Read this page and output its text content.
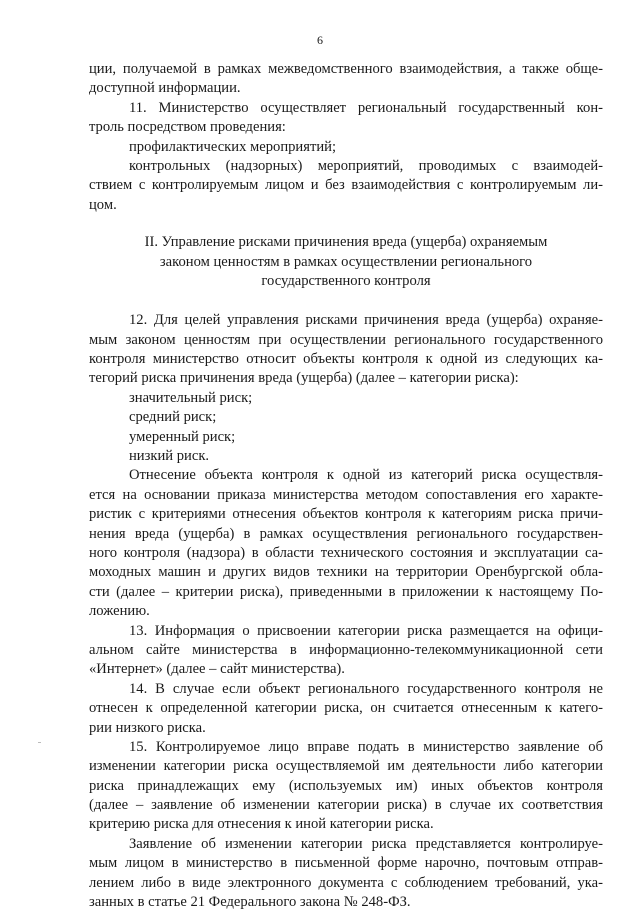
6
ции, получаемой в рамках межведомственного взаимодействия, а также обще-
доступной информации.
11. Министерство осуществляет региональный государственный кон-
троль посредством проведения:
профилактических мероприятий;
контрольных (надзорных) мероприятий, проводимых с взаимодей-
ствием с контролируемым лицом и без взаимодействия с контролируемым ли-
цом.
II. Управление рисками причинения вреда (ущерба) охраняемым
законом ценностям в рамках осуществлении регионального
государственного контроля
12. Для целей управления рисками причинения вреда (ущерба) охраняе-
мым законом ценностям при осуществлении регионального государственного
контроля министерство относит объекты контроля к одной из следующих ка-
тегорий риска причинения вреда (ущерба) (далее – категории риска):
значительный риск;
средний риск;
умеренный риск;
низкий риск.
Отнесение объекта контроля к одной из категорий риска осуществля-
ется на основании приказа министерства методом сопоставления его характе-
ристик с критериями отнесения объектов контроля к категориям риска причи-
нения вреда (ущерба) в рамках осуществления регионального государствен-
ного контроля (надзора) в области технического состояния и эксплуатации са-
моходных машин и других видов техники на территории Оренбургской обла-
сти (далее – критерии риска), приведенными в приложении к настоящему По-
ложению.
13. Информация о присвоении категории риска размещается на офици-
альном сайте министерства в информационно-телекоммуникационной сети
«Интернет» (далее – сайт министерства).
14. В случае если объект регионального государственного контроля не
отнесен к определенной категории риска, он считается отнесенным к катего-
рии низкого риска.
15. Контролируемое лицо вправе подать в министерство заявление об
изменении категории риска осуществляемой им деятельности либо категории
риска принадлежащих ему (используемых им) иных объектов контроля
(далее – заявление об изменении категории риска) в случае их соответствия
критерию риска для отнесения к иной категории риска.
Заявление об изменении категории риска представляется контролируе-
мым лицом в министерство в письменной форме нарочно, почтовым отправ-
лением либо в виде электронного документа с соблюдением требований, ука-
занных в статье 21 Федерального закона № 248-ФЗ.
